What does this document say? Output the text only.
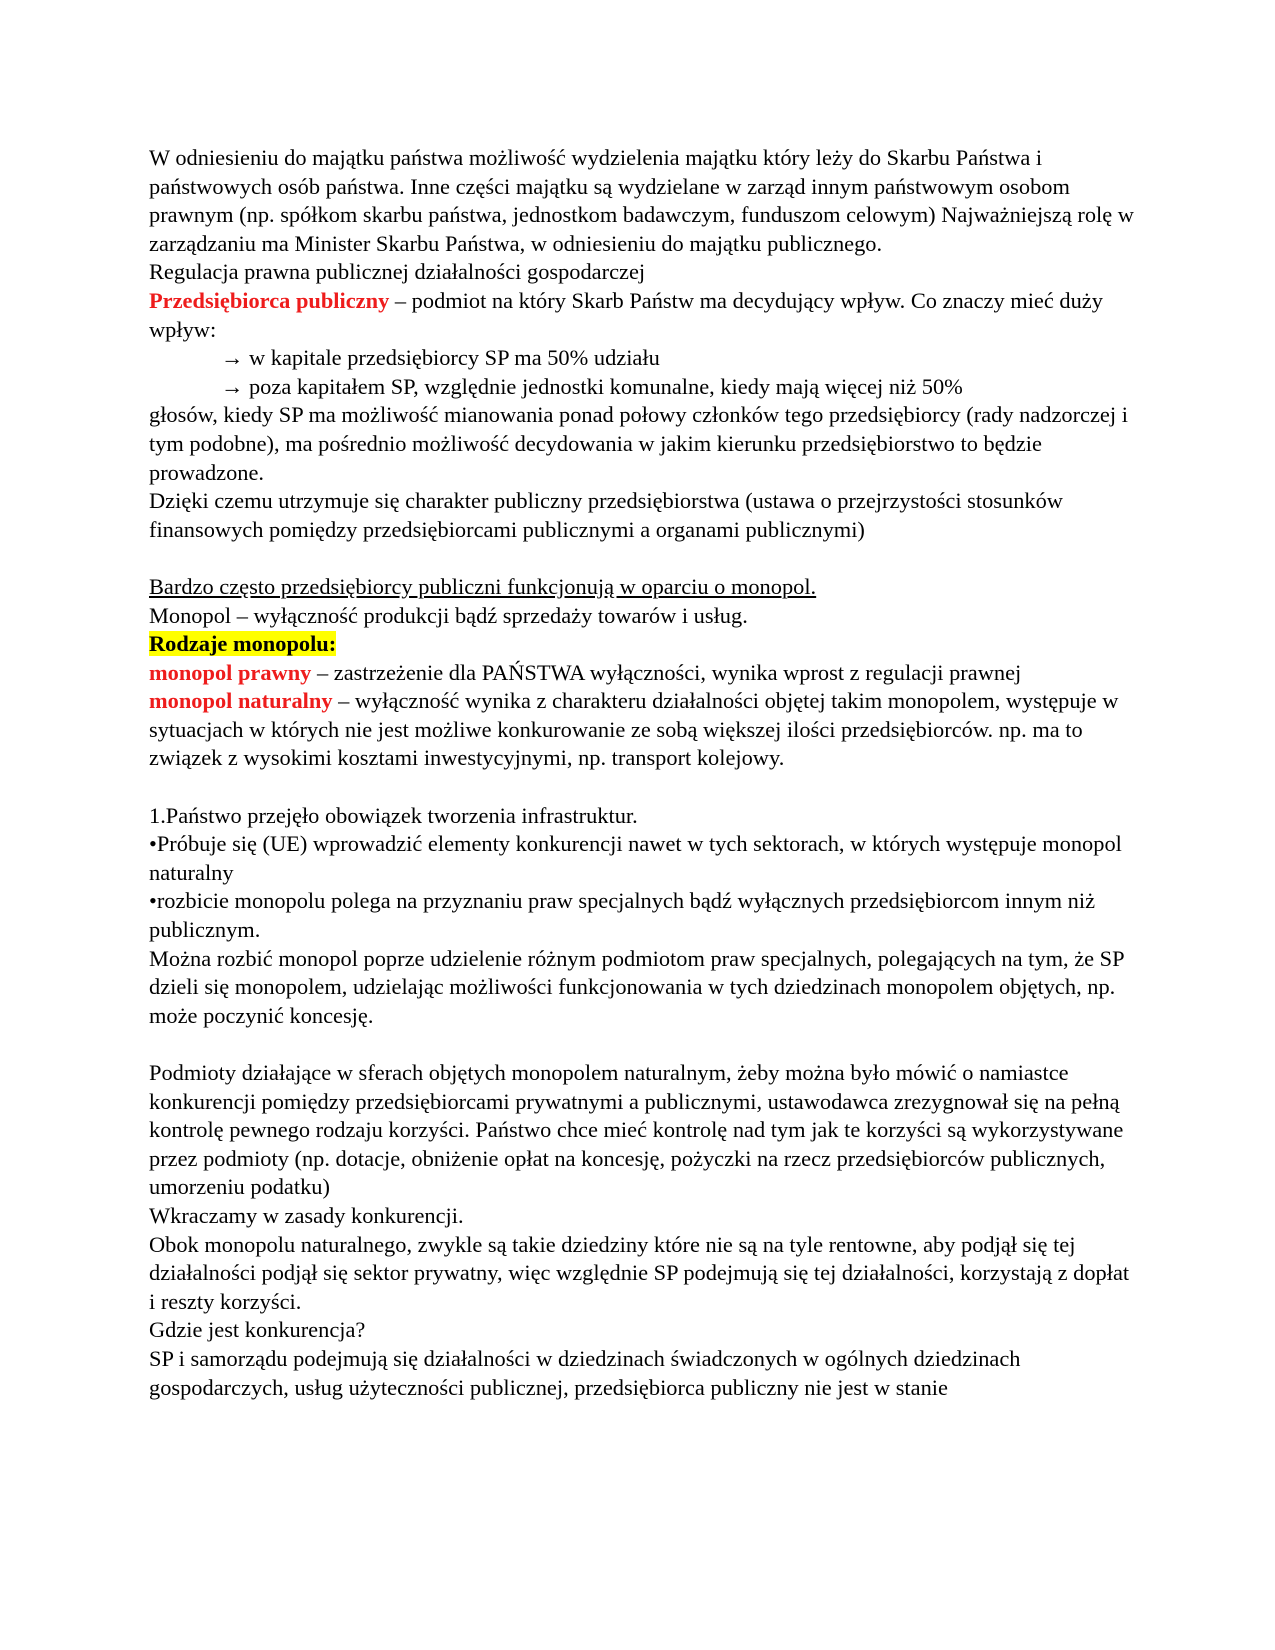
W odniesieniu do majątku państwa możliwość wydzielenia majątku który leży do Skarbu Państwa i państwowych osób państwa. Inne części majątku są wydzielane w zarząd innym państwowym osobom prawnym (np. spółkom skarbu państwa, jednostkom badawczym, funduszom celowym) Najważniejszą rolę w zarządzaniu ma Minister Skarbu Państwa, w odniesieniu do majątku publicznego.

Regulacja prawna publicznej działalności gospodarczej

Przedsiębiorca publiczny – podmiot na który Skarb Państw ma decydujący wpływ. Co znaczy mieć duży wpływ:

→ w kapitale przedsiębiorcy SP ma 50% udziału

→ poza kapitałem SP, względnie jednostki komunalne, kiedy mają więcej niż 50%

głosów, kiedy SP ma możliwość mianowania ponad połowy członków tego przedsiębiorcy (rady nadzorczej i tym podobne), ma pośrednio możliwość decydowania w jakim kierunku przedsiębiorstwo to będzie prowadzone.

Dzięki czemu utrzymuje się charakter publiczny przedsiębiorstwa (ustawa o przejrzystości stosunków finansowych pomiędzy przedsiębiorcami publicznymi a organami publicznymi)

Bardzo często przedsiębiorcy publiczni funkcjonują w oparciu o monopol.

Monopol – wyłączność produkcji bądź sprzedaży towarów i usług.

Rodzaje monopolu:

monopol prawny – zastrzeżenie dla PAŃSTWA wyłączności, wynika wprost z regulacji prawnej

monopol naturalny – wyłączność wynika z charakteru działalności objętej takim monopolem, występuje w sytuacjach w których nie jest możliwe konkurowanie ze sobą większej ilości przedsiębiorców. np. ma to związek z wysokimi kosztami inwestycyjnymi, np. transport kolejowy.

1.Państwo przejęło obowiązek tworzenia infrastruktur.

•Próbuje się (UE) wprowadzić elementy konkurencji nawet w tych sektorach, w których występuje monopol naturalny

•rozbicie monopolu polega na przyznaniu praw specjalnych bądź wyłącznych przedsiębiorcom innym niż publicznym.

Można rozbić monopol poprze udzielenie różnym podmiotom praw specjalnych, polegających na tym, że SP dzieli się monopolem, udzielając możliwości funkcjonowania w tych dziedzinach monopolem objętych, np. może poczynić koncesję.

Podmioty działające w sferach objętych monopolem naturalnym, żeby można było mówić o namiastce konkurencji pomiędzy przedsiębiorcami prywatnymi a publicznymi, ustawodawca zrezygnował się na pełną kontrolę pewnego rodzaju korzyści. Państwo chce mieć kontrolę nad tym jak te korzyści są wykorzystywane przez podmioty (np. dotacje, obniżenie opłat na koncesję, pożyczki na rzecz przedsiębiorców publicznych, umorzeniu podatku)

Wkraczamy w zasady konkurencji.

Obok monopolu naturalnego, zwykle są takie dziedziny które nie są na tyle rentowne, aby podjął się tej działalności podjął się sektor prywatny, więc względnie SP podejmują się tej działalności, korzystają z dopłat i reszty korzyści.

Gdzie jest konkurencja?

SP i samorządu podejmują się działalności w dziedzinach świadczonych w ogólnych dziedzinach gospodarczych, usług użyteczności publicznej, przedsiębiorca publiczny nie jest w stanie
